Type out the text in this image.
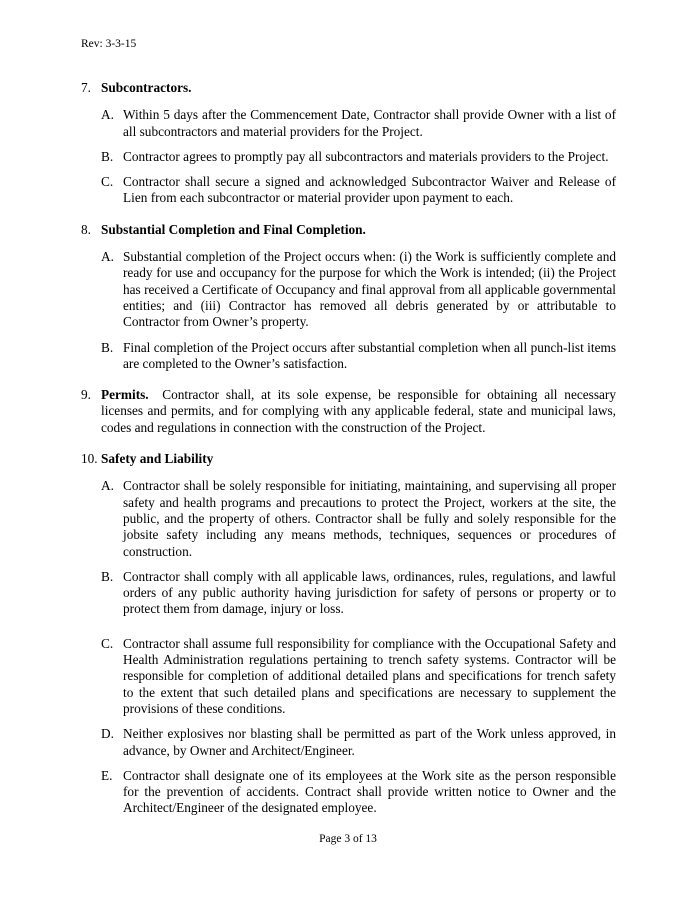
Rev: 3-3-15
7. Subcontractors.

A. Within 5 days after the Commencement Date, Contractor shall provide Owner with a list of all subcontractors and material providers for the Project.
B. Contractor agrees to promptly pay all subcontractors and materials providers to the Project.
C. Contractor shall secure a signed and acknowledged Subcontractor Waiver and Release of Lien from each subcontractor or material provider upon payment to each.
8. Substantial Completion and Final Completion.

A. Substantial completion of the Project occurs when: (i) the Work is sufficiently complete and ready for use and occupancy for the purpose for which the Work is intended; (ii) the Project has received a Certificate of Occupancy and final approval from all applicable governmental entities; and (iii) Contractor has removed all debris generated by or attributable to Contractor from Owner’s property.
B. Final completion of the Project occurs after substantial completion when all punch-list items are completed to the Owner’s satisfaction.
9. Permits. Contractor shall, at its sole expense, be responsible for obtaining all necessary licenses and permits, and for complying with any applicable federal, state and municipal laws, codes and regulations in connection with the construction of the Project.

10. Safety and Liability

A. Contractor shall be solely responsible for initiating, maintaining, and supervising all proper safety and health programs and precautions to protect the Project, workers at the site, the public, and the property of others. Contractor shall be fully and solely responsible for the jobsite safety including any means methods, techniques, sequences or procedures of construction.
B. Contractor shall comply with all applicable laws, ordinances, rules, regulations, and lawful orders of any public authority having jurisdiction for safety of persons or property or to protect them from damage, injury or loss.
C. Contractor shall assume full responsibility for compliance with the Occupational Safety and Health Administration regulations pertaining to trench safety systems. Contractor will be responsible for completion of additional detailed plans and specifications for trench safety to the extent that such detailed plans and specifications are necessary to supplement the provisions of these conditions.
D. Neither explosives nor blasting shall be permitted as part of the Work unless approved, in advance, by Owner and Architect/Engineer.
E. Contractor shall designate one of its employees at the Work site as the person responsible for the prevention of accidents. Contract shall provide written notice to Owner and the Architect/Engineer of the designated employee.
Page 3 of 13
